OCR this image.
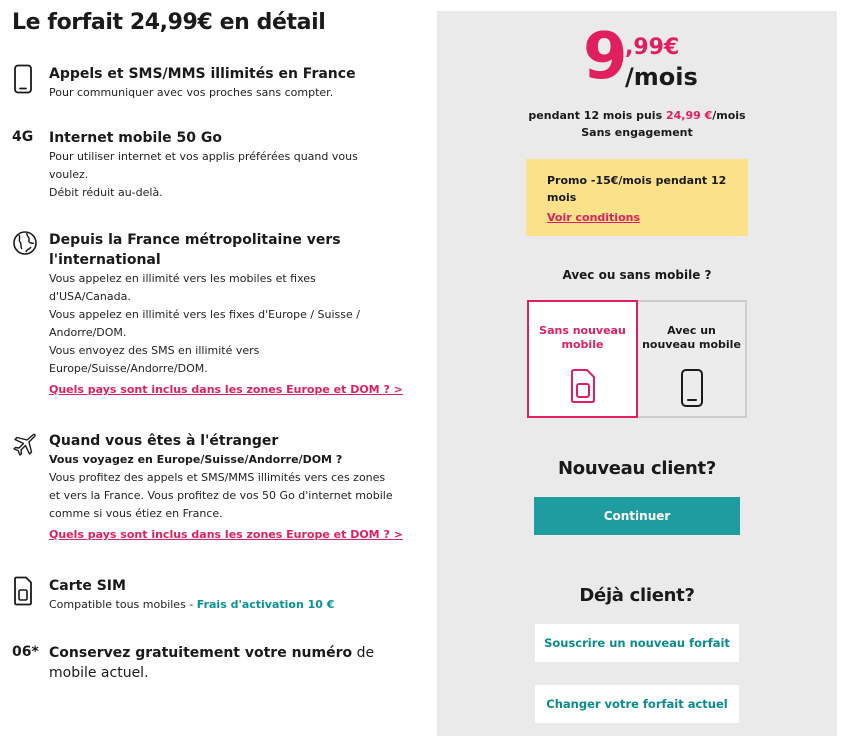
Le forfait 24,99€ en détail
Appels et SMS/MMS illimités en France
Pour communiquer avec vos proches sans compter.
4G Internet mobile 50 Go
Pour utiliser internet et vos applis préférées quand vous
voulez.
Débit réduit au-delà.
Depuis la France métropolitaine vers
l'international
Vous appelez en illimité vers les mobiles et fixes
d'USA/Canada.
Vous appelez en illimité vers les fixes d'Europe / Suisse /
Andorre/DOM.
Vous envoyez des SMS en illimité vers
Europe/Suisse/Andorre/DOM.
Quels pays sont inclus dans les zones Europe et DOM ? >
Quand vous êtes à l'étranger
Vous voyagez en Europe/Suisse/Andorre/DOM ?
Vous profitez des appels et SMS/MMS illimités vers ces zones
et vers la France. Vous profitez de vos 50 Go d'internet mobile
comme si vous étiez en France.
Quels pays sont inclus dans les zones Europe et DOM ? >
Carte SIM
Compatible tous mobiles - Frais d'activation 10 €
06* Conservez gratuitement votre numéro de
mobile actuel.
9 ,99€
/mois
pendant 12 mois puis 24,99 €/mois
Sans engagement
Promo -15€/mois pendant 12
mois
Voir conditions
Avec ou sans mobile ?
Sans nouveau
mobile
Avec un
nouveau mobile
Nouveau client?
Continuer
Déjà client?
Souscrire un nouveau forfait
Changer votre forfait actuel
